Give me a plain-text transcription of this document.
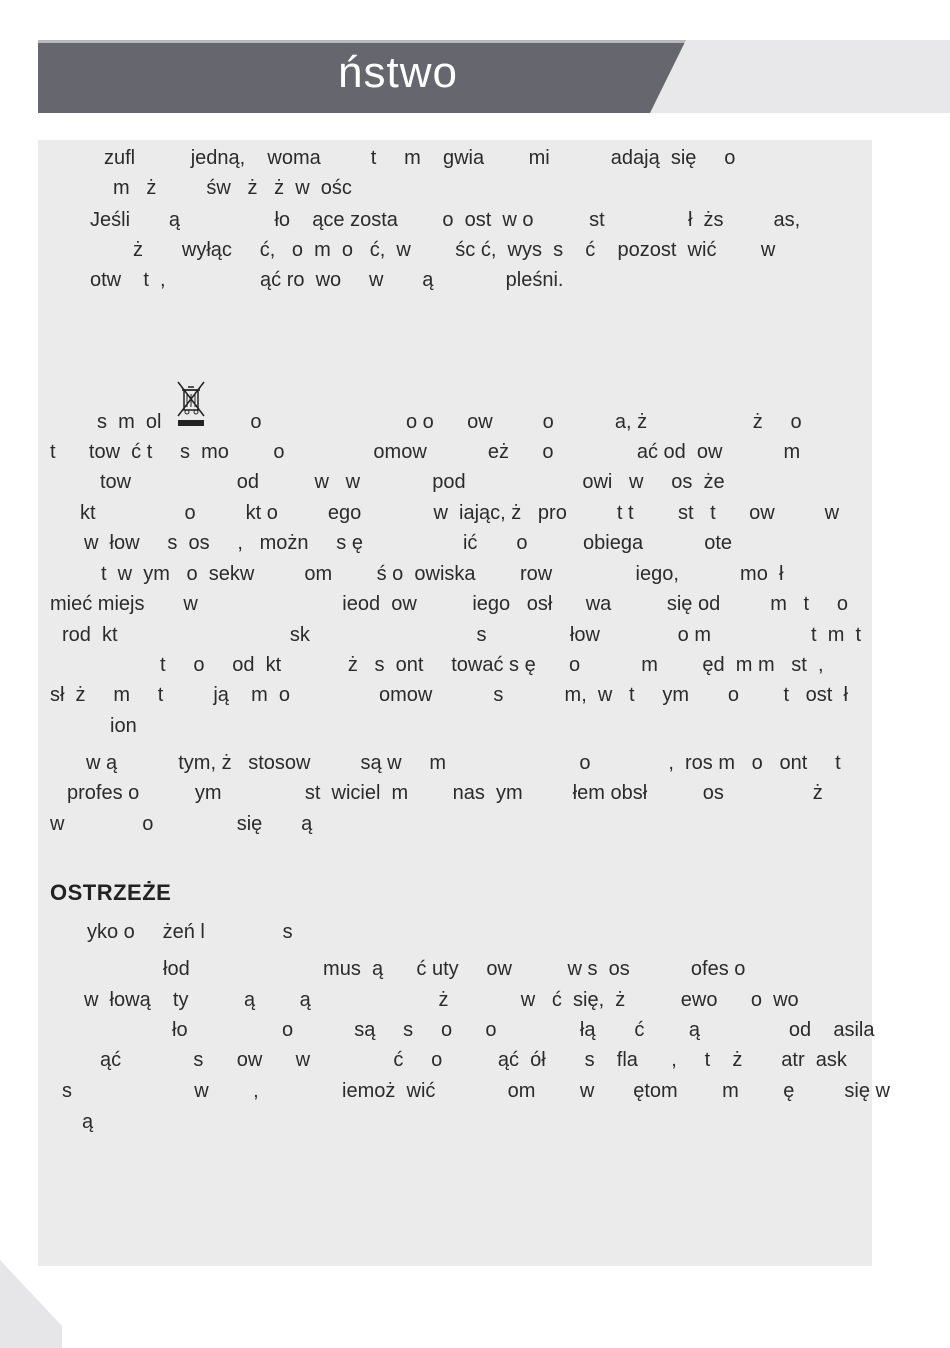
ństwo
zufl          jedną,    woma         t     m    gwia        mi           adają  się     o
m   ż         św   ż   ż  w  ośc
Jeśli       ą                 ło    ące zosta        o  ost  w o          st               ł  żs         as,
ż       wyłąc     ć,   o  m  o   ć,  w        śc ć,  wys  s    ć    pozost  wić        w
otw    t  ,                 ąć ro  wo     w       ą             pleśni.
s  m  ol                o                          o o      ow         o           a, ż                   ż     o
t      tow  ć t     s  mo        o                omow           eż      o               ać od  ow           m
tow                   od          w   w             pod                     owi   w     os  że
kt                o         kt o         ego             w  iając, ż   pro         t t        st   t      ow         w
w  łow     s  os     ,   możn     s ę                  ić       o          obiega           ote
t  w  ym   o  sekw         om        ś o  owiska        row               iego,           mo  ł
mieć miejs       w                          ieod  ow          iego   osł      wa          się od         m   t     o
rod  kt                               sk                              s               łow              o m                  t  m  t
t     o     od  kt            ż   s  ont     tować s ę      o           m        ęd  m m   st  ,
sł  ż     m     t         ją    m  o                omow           s           m,  w   t     ym       o        t   ost  ł
ion
w ą           tym, ż   stosow         są w     m                        o              ,  ros m   o   ont     t
profes o          ym               st  wiciel  m        nas  ym         łem obsł          os                ż
w              o               się       ą
OSTRZEŻE
yko o     żeń l              s
łod                        mus  ą      ć uty     ow          w s  os           ofes o
w  łową    ty          ą        ą                       ż             w   ć  się,  ż          ewo      o  wo
ło                 o           są     s     o      o               łą       ć        ą                od    asila
ąć             s      ow      w               ć     o          ąć  ół       s    fla      ,     t    ż       atr  ask
s                      w        ,               iemoż  wić             om        w       ętom        m        ę         się w
ą
